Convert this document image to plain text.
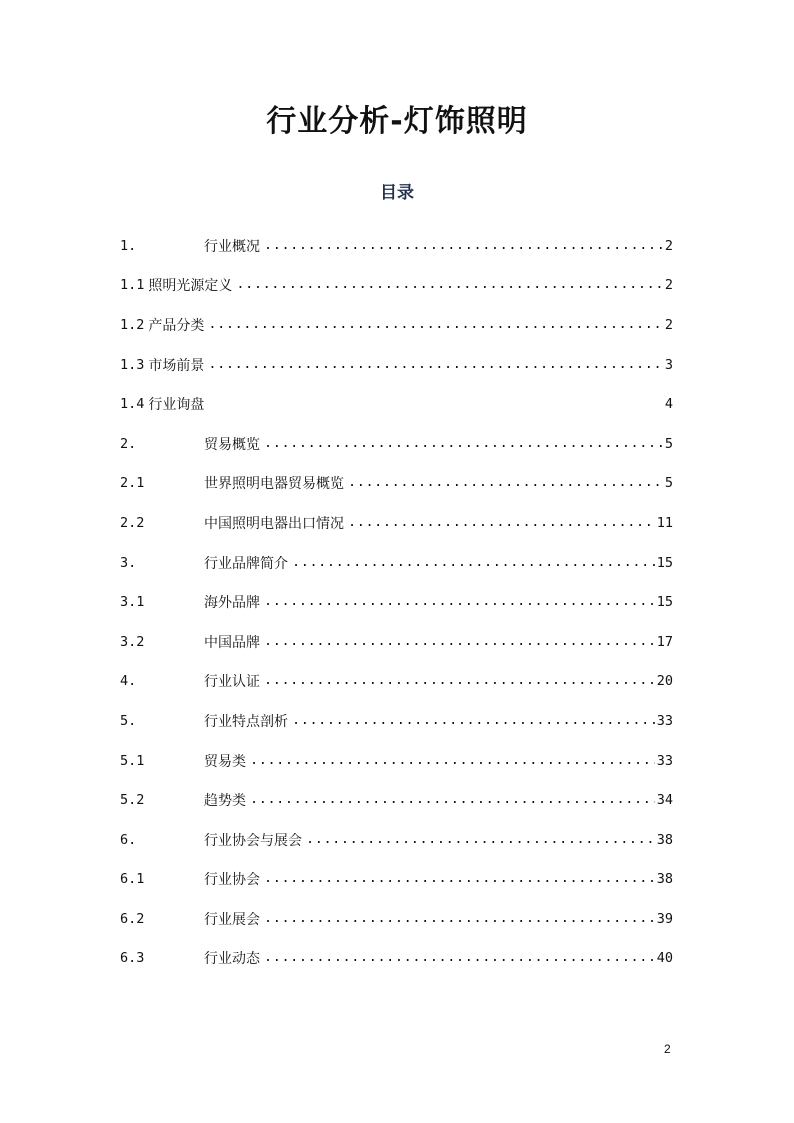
行业分析-灯饰照明
目录
1.	行业概况 .....	2
1.1 照明光源定义 .....	2
1.2 产品分类 .....	2
1.3 市场前景 .....	3
1.4 行业询盘	4
2.	贸易概览 .....	5
2.1	世界照明电器贸易概览 .....	5
2.2	中国照明电器出口情况 .....	11
3.	行业品牌简介 .....	15
3.1	海外品牌 .....	15
3.2	中国品牌 .....	17
4.	行业认证 .....	20
5.	行业特点剖析 .....	33
5.1	贸易类 .....	33
5.2	趋势类 .....	34
6.	行业协会与展会 .....	38
6.1	行业协会 .....	38
6.2	行业展会 .....	39
6.3	行业动态 .....	40
2
